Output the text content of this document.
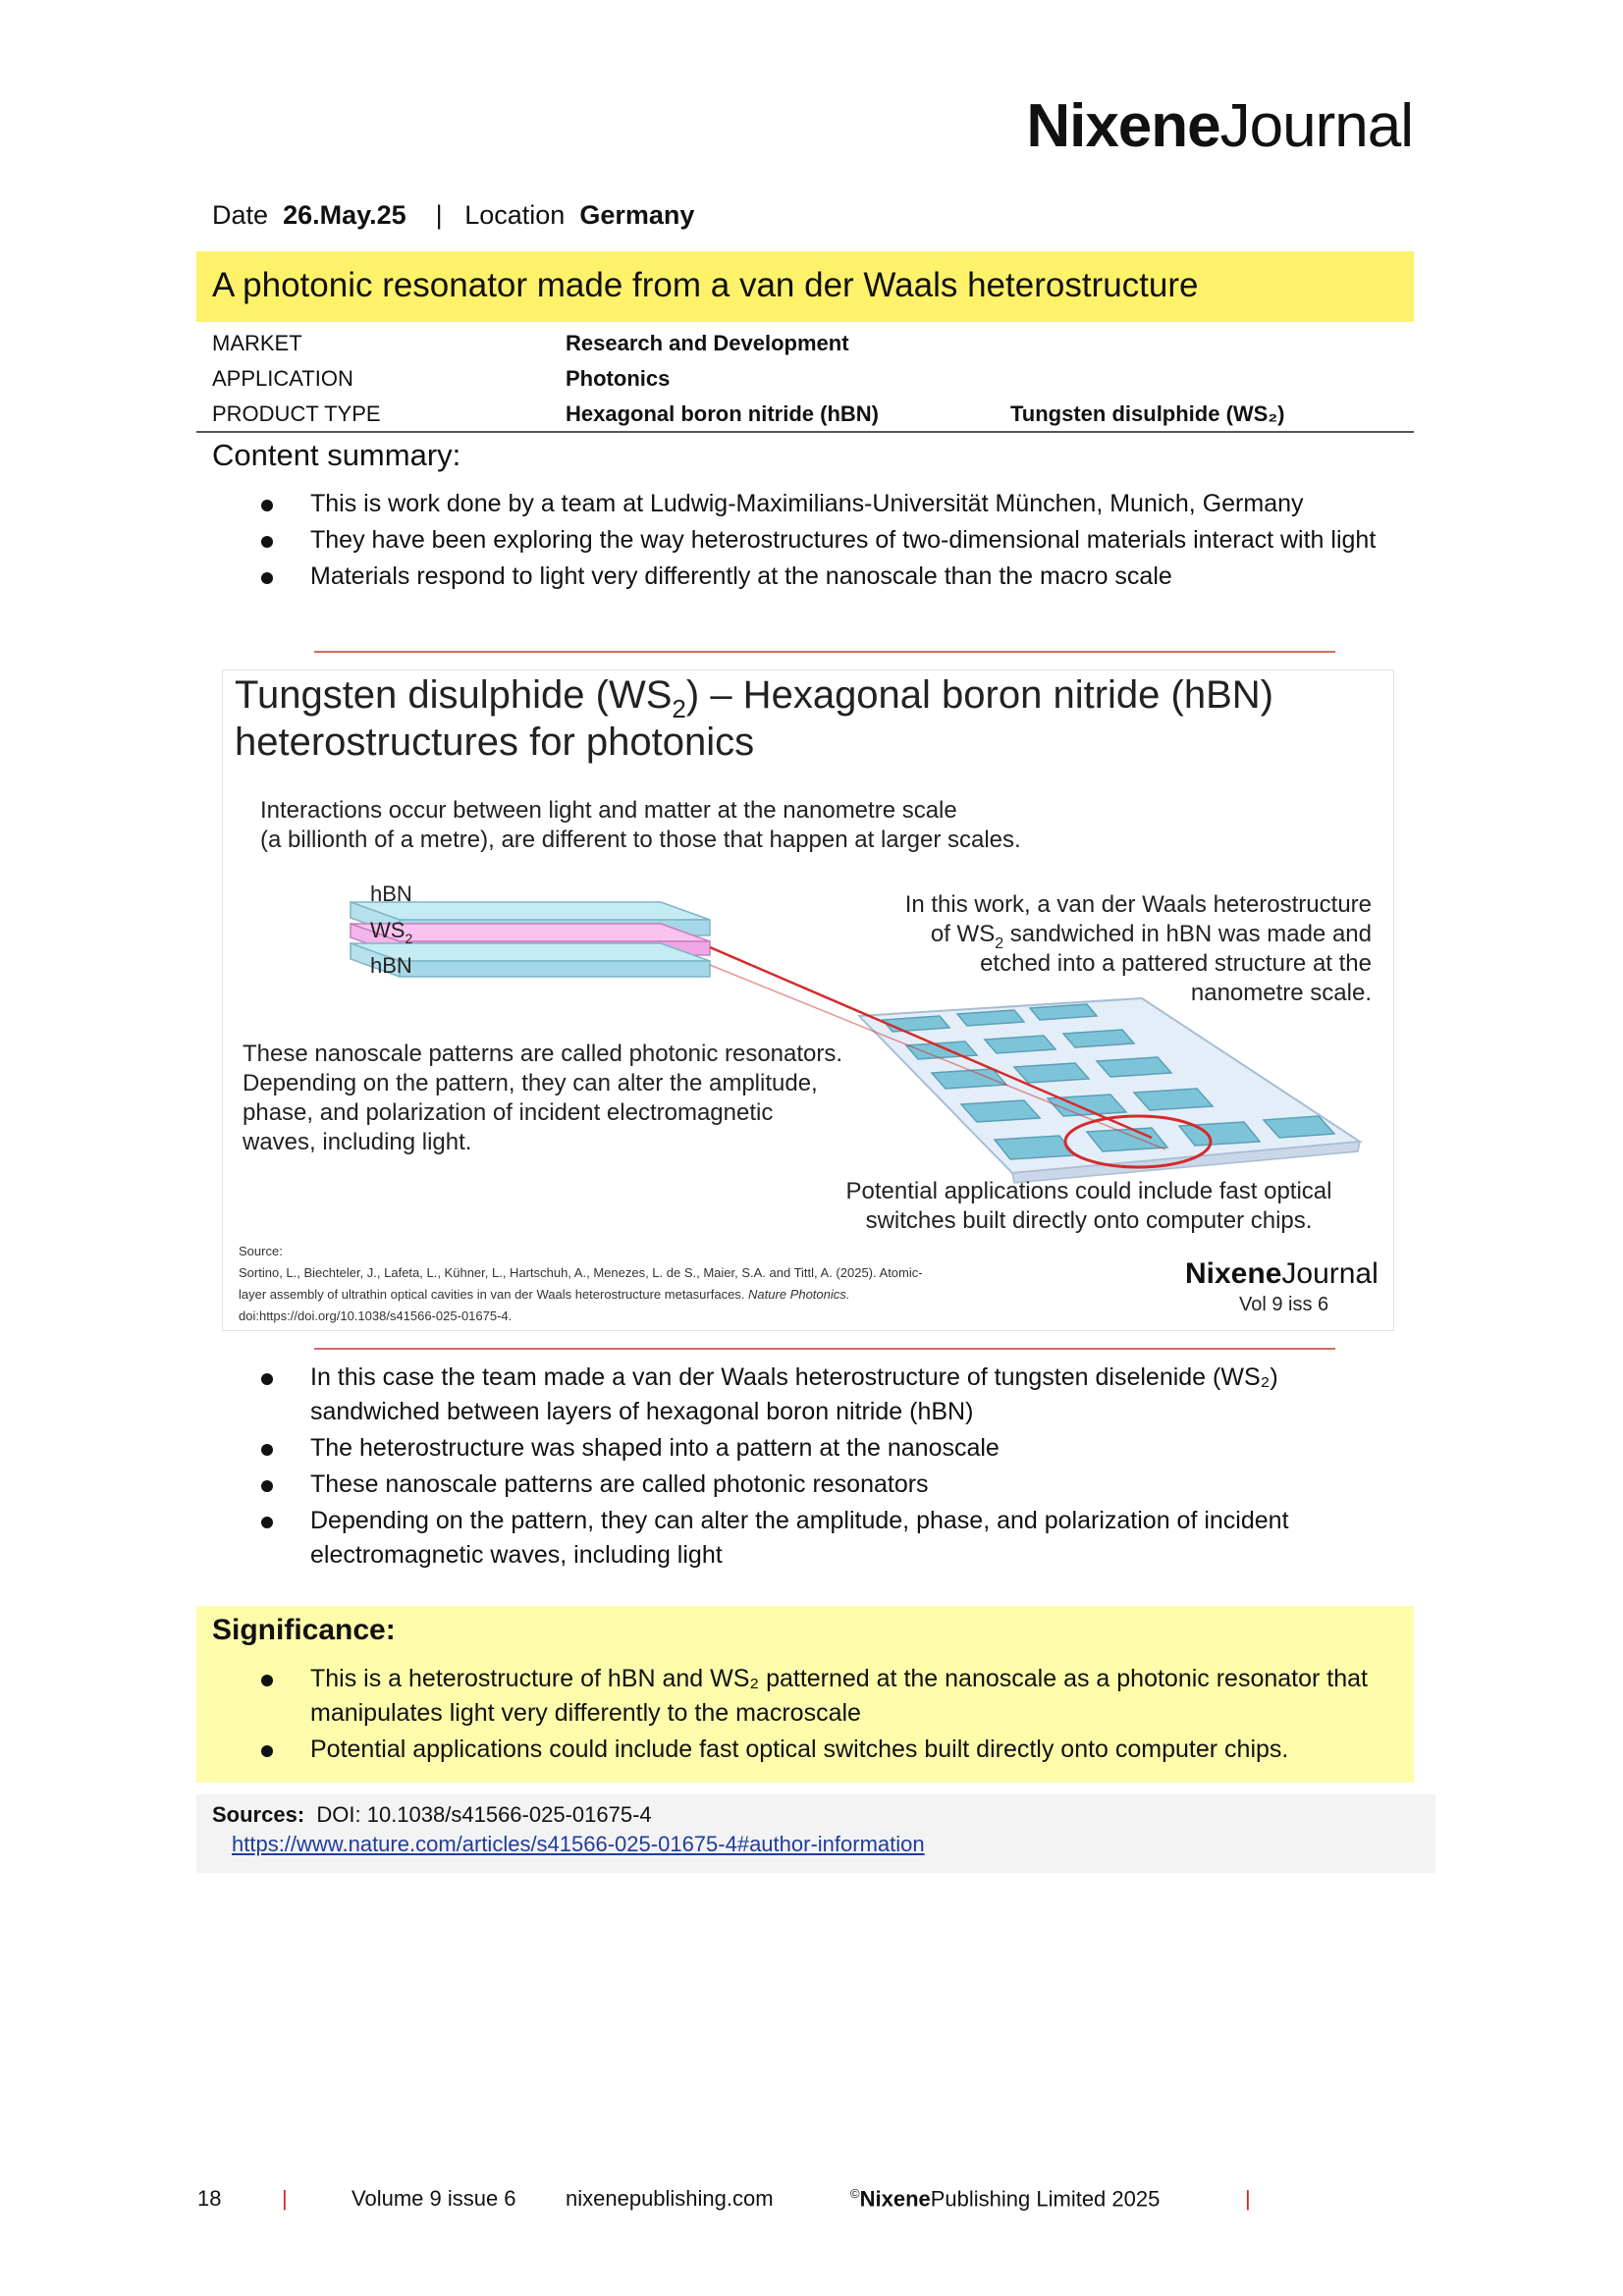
NixeneJournal
Date 26.May.25 | Location Germany
A photonic resonator made from a van der Waals heterostructure
MARKET	Research and Development
APPLICATION	Photonics
PRODUCT TYPE	Hexagonal boron nitride (hBN)	Tungsten disulphide (WS₂)
Content summary:
This is work done by a team at Ludwig-Maximilians-Universität München, Munich, Germany
They have been exploring the way heterostructures of two-dimensional materials interact with light
Materials respond to light very differently at the nanoscale than the macro scale
Tungsten disulphide $(WS_2)$ – Hexagonal boron nitride (hBN)
heterostructures for photonics
Interactions occur between light and matter at the nanometre scale
(a billionth of a metre), are different to those that happen at larger scales.
hBN
$WS_2$
hBN
In this work, a van der Waals heterostructure
of $WS_2$ sandwiched in hBN was made and
etched into a pattered structure at the
nanometre scale.
These nanoscale patterns are called photonic resonators.
Depending on the pattern, they can alter the amplitude,
phase, and polarization of incident electromagnetic
waves, including light.
Potential applications could include fast optical
switches built directly onto computer chips.
Source:
Sortino, L., Biechteler, J., Lafeta, L., Kühner, L., Hartschuh, A., Menezes, L. de S., Maier, S.A. and Tittl, A. (2025). Atomic-
layer assembly of ultrathin optical cavities in van der Waals heterostructure metasurfaces. Nature Photonics.
doi:https://doi.org/10.1038/s41566-025-01675-4.
NixeneJournal
Vol 9 iss 6
In this case the team made a van der Waals heterostructure of tungsten diselenide (WS₂) sandwiched between layers of hexagonal boron nitride (hBN)
The heterostructure was shaped into a pattern at the nanoscale
These nanoscale patterns are called photonic resonators
Depending on the pattern, they can alter the amplitude, phase, and polarization of incident electromagnetic waves, including light
Significance:
This is a heterostructure of hBN and WS₂ patterned at the nanoscale as a photonic resonator that manipulates light very differently to the macroscale
Potential applications could include fast optical switches built directly onto computer chips.
Sources: DOI: 10.1038/s41566-025-01675-4
https://www.nature.com/articles/s41566-025-01675-4#author-information
18	|	Volume 9 issue 6 nixenepublishing.com	©NixenePublishing Limited 2025	|
